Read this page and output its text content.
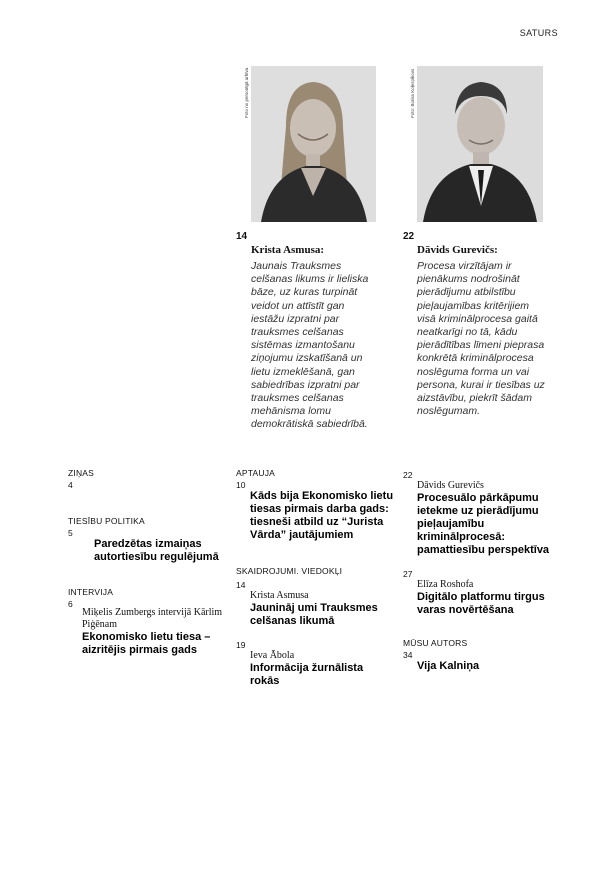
SATURS
Foto no personīgā arhīva	Foto: Boriss Koļesņikovs
14
Krista Asmusa:
Jaunais Trauksmes celšanas likums ir lieliska bāze, uz kuras turpināt veidot un attīstīt gan iestāžu izpratni par trauksmes celšanas sistēmas izmantošanu ziņojumu izskatīšanā un lietu izmeklēšanā, gan sabiedrības izpratni par trauksmes celšanas mehānisma lomu demokrātiskā sabiedrībā.
22
Dāvids Gurevičs:
Procesa virzītājam ir pienākums nodrošināt pierādījumu atbilstību pieļaujamības kritērijiem visā kriminālprocesa gaitā neatkarīgi no tā, kādu pierādītības līmeni pieprasa konkrētā kriminālprocesa noslēguma forma un vai persona, kurai ir tiesības uz aizstāvību, piekrīt šādam noslēgumam.
ZIŅAS
4
TIESĪBU POLITIKA
5
Paredzētas izmaiņas autortiesību regulējumā
INTERVIJA
6
Miķelis Zumbergs intervijā Kārlim Piģēnam
Ekonomisko lietu tiesa – aizritējis pirmais gads
APTAUJA
10
Kāds bija Ekonomisko lietu tiesas pirmais darba gads: tiesneši atbild uz “Jurista Vārda” jautājumiem
SKAIDROJUMI. VIEDOKĻI
14
Krista Asmusa
Jaunināj umi Trauksmes celšanas likumā
19
Ieva Ābola
Informācija žurnālista rokās
22
Dāvids Gurevičs
Procesuālo pārkāpumu ietekme uz pierādījumu pieļaujamību kriminālprocesā: pamattiesību perspektīva
27
Elīza Roshofa
Digitālo platformu tirgus varas novērtēšana
MŪSU AUTORS
34
Vija Kalniņa
